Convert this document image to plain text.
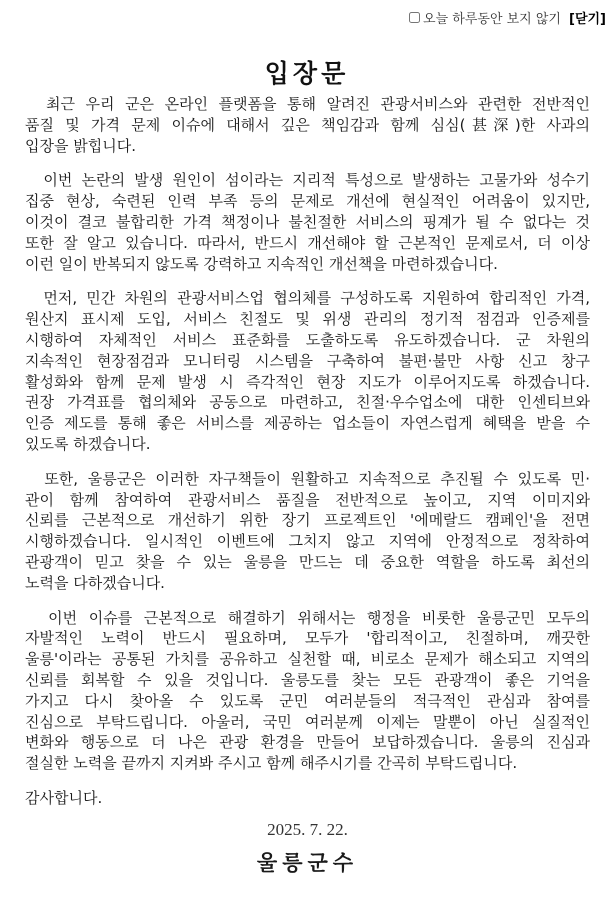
오늘 하루동안 보지 않기 [닫기]
입장문
최근 우리 군은 온라인 플랫폼을 통해 알려진 관광서비스와 관련한 전반적인
품질 및 가격 문제 이슈에 대해서 깊은 책임감과 함께 심심(甚深)한 사과의
입장을 밝힙니다.
이번 논란의 발생 원인이 섬이라는 지리적 특성으로 발생하는 고물가와 성수기
집중 현상, 숙련된 인력 부족 등의 문제로 개선에 현실적인 어려움이 있지만,
이것이 결코 불합리한 가격 책정이나 불친절한 서비스의 핑계가 될 수 없다는 것
또한 잘 알고 있습니다. 따라서, 반드시 개선해야 할 근본적인 문제로서, 더 이상
이런 일이 반복되지 않도록 강력하고 지속적인 개선책을 마련하겠습니다.
먼저, 민간 차원의 관광서비스업 협의체를 구성하도록 지원하여 합리적인 가격,
원산지 표시제 도입, 서비스 친절도 및 위생 관리의 정기적 점검과 인증제를
시행하여 자체적인 서비스 표준화를 도출하도록 유도하겠습니다. 군 차원의
지속적인 현장점검과 모니터링 시스템을 구축하여 불편·불만 사항 신고 창구
활성화와 함께 문제 발생 시 즉각적인 현장 지도가 이루어지도록 하겠습니다.
권장 가격표를 협의체와 공동으로 마련하고, 친절·우수업소에 대한 인센티브와
인증 제도를 통해 좋은 서비스를 제공하는 업소들이 자연스럽게 혜택을 받을 수
있도록 하겠습니다.
또한, 울릉군은 이러한 자구책들이 원활하고 지속적으로 추진될 수 있도록 민·
관이 함께 참여하여 관광서비스 품질을 전반적으로 높이고, 지역 이미지와
신뢰를 근본적으로 개선하기 위한 장기 프로젝트인 '에메랄드 캠페인'을 전면
시행하겠습니다. 일시적인 이벤트에 그치지 않고 지역에 안정적으로 정착하여
관광객이 믿고 찾을 수 있는 울릉을 만드는 데 중요한 역할을 하도록 최선의
노력을 다하겠습니다.
이번 이슈를 근본적으로 해결하기 위해서는 행정을 비롯한 울릉군민 모두의
자발적인 노력이 반드시 필요하며, 모두가 '합리적이고, 친절하며, 깨끗한
울릉'이라는 공통된 가치를 공유하고 실천할 때, 비로소 문제가 해소되고 지역의
신뢰를 회복할 수 있을 것입니다. 울릉도를 찾는 모든 관광객이 좋은 기억을
가지고 다시 찾아올 수 있도록 군민 여러분들의 적극적인 관심과 참여를
진심으로 부탁드립니다. 아울러, 국민 여러분께 이제는 말뿐이 아닌 실질적인
변화와 행동으로 더 나은 관광 환경을 만들어 보답하겠습니다. 울릉의 진심과
절실한 노력을 끝까지 지켜봐 주시고 함께 해주시기를 간곡히 부탁드립니다.
감사합니다.
2025. 7. 22.
울릉군수
